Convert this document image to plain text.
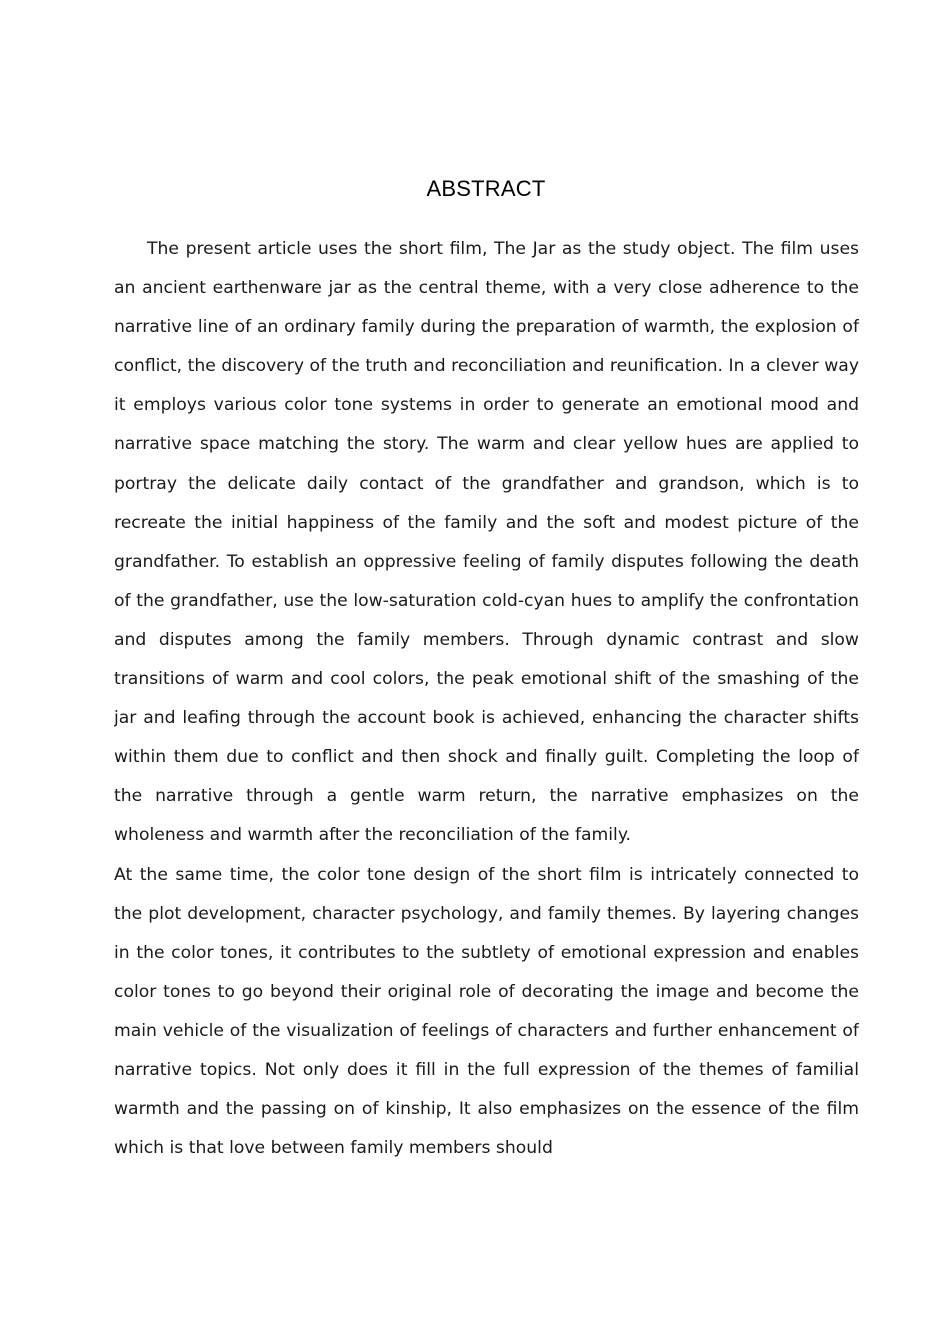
ABSTRACT

The present article uses the short film, The Jar as the study object. The film uses an ancient earthenware jar as the central theme, with a very close adherence to the narrative line of an ordinary family during the preparation of warmth, the explosion of conflict, the discovery of the truth and reconciliation and reunification. In a clever way it employs various color tone systems in order to generate an emotional mood and narrative space matching the story. The warm and clear yellow hues are applied to portray the delicate daily contact of the grandfather and grandson, which is to recreate the initial happiness of the family and the soft and modest picture of the grandfather. To establish an oppressive feeling of family disputes following the death of the grandfather, use the low-saturation cold-cyan hues to amplify the confrontation and disputes among the family members. Through dynamic contrast and slow transitions of warm and cool colors, the peak emotional shift of the smashing of the jar and leafing through the account book is achieved, enhancing the character shifts within them due to conflict and then shock and finally guilt. Completing the loop of the narrative through a gentle warm return, the narrative emphasizes on the wholeness and warmth after the reconciliation of the family.

At the same time, the color tone design of the short film is intricately connected to the plot development, character psychology, and family themes. By layering changes in the color tones, it contributes to the subtlety of emotional expression and enables color tones to go beyond their original role of decorating the image and become the main vehicle of the visualization of feelings of characters and further enhancement of narrative topics. Not only does it fill in the full expression of the themes of familial warmth and the passing on of kinship, It also emphasizes on the essence of the film which is that love between family members should
